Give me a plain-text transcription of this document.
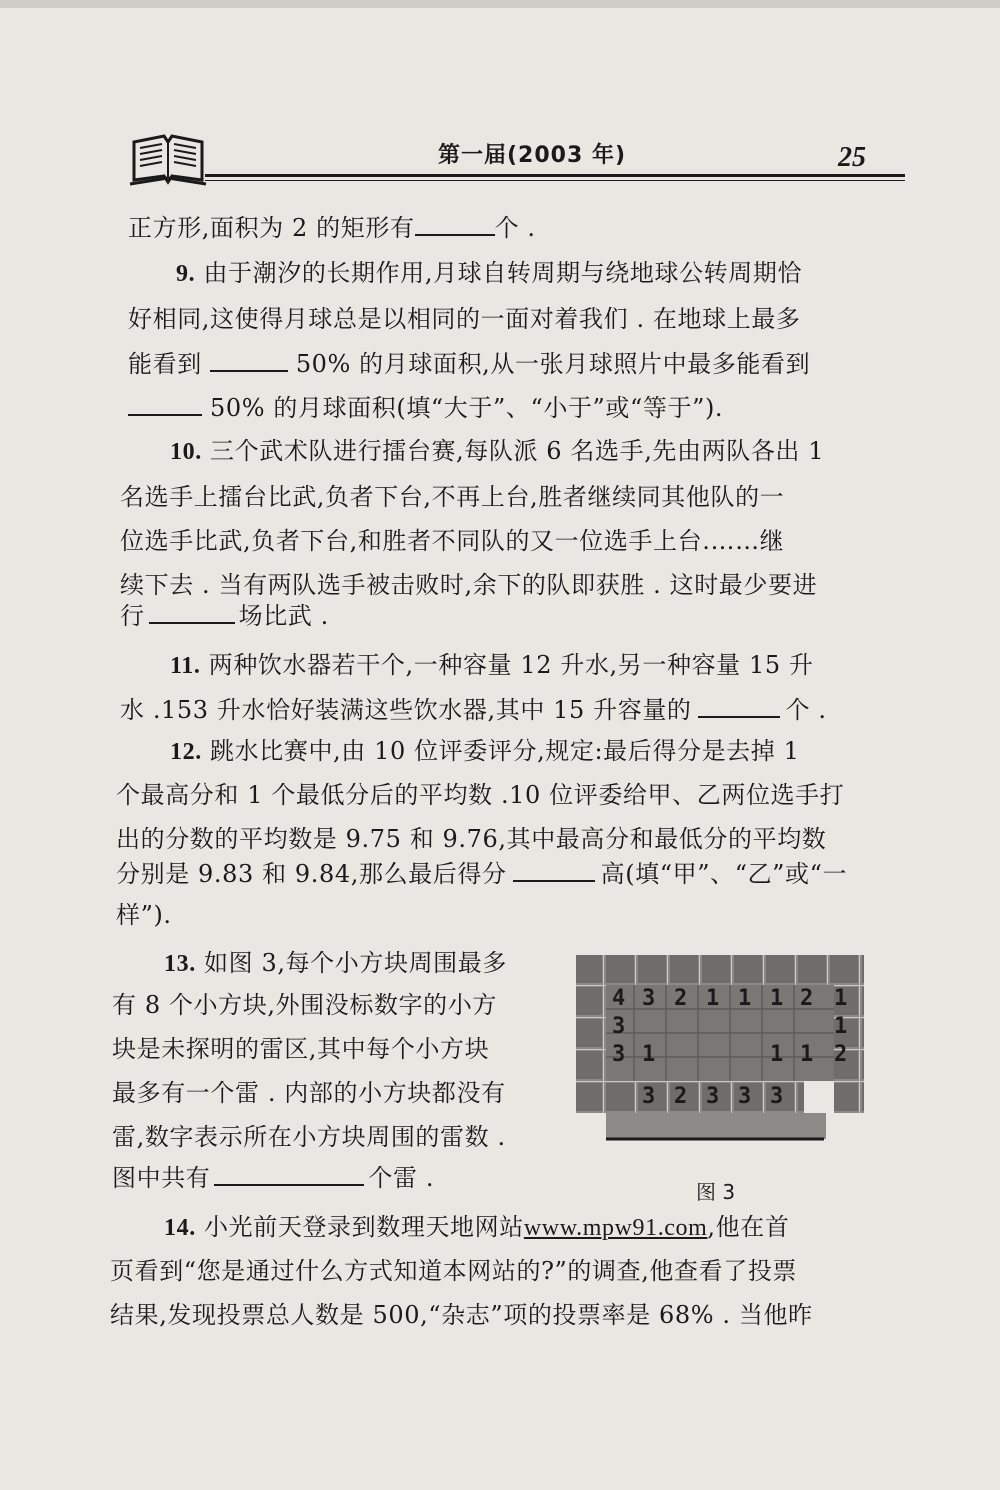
第一届(2003 年)	25
正方形,面积为 2 的矩形有	个 .
9. 由于潮汐的长期作用,月球自转周期与绕地球公转周期恰
好相同,这使得月球总是以相同的一面对着我们 . 在地球上最多
能看到	50% 的月球面积,从一张月球照片中最多能看到
50% 的月球面积(填“大于”、“小于”或“等于”).
10. 三个武术队进行擂台赛,每队派 6 名选手,先由两队各出 1
名选手上擂台比武,负者下台,不再上台,胜者继续同其他队的一
位选手比武,负者下台,和胜者不同队的又一位选手上台.……继
续下去 . 当有两队选手被击败时,余下的队即获胜 . 这时最少要进
行	场比武 .
11. 两种饮水器若干个,一种容量 12 升水,另一种容量 15 升
水 .153 升水恰好装满这些饮水器,其中 15 升容量的	个 .
12. 跳水比赛中,由 10 位评委评分,规定:最后得分是去掉 1
个最高分和 1 个最低分后的平均数 .10 位评委给甲、乙两位选手打
出的分数的平均数是 9.75 和 9.76,其中最高分和最低分的平均数
分别是 9.83 和 9.84,那么最后得分	高(填“甲”、“乙”或“一
样”).
13. 如图 3,每个小方块周围最多
有 8 个小方块,外围没标数字的小方
块是未探明的雷区,其中每个小方块
最多有一个雷 . 内部的小方块都没有
雷,数字表示所在小方块周围的雷数 .
图中共有	个雷 .
4 3 2 1 1 1 2 1
3	1
3 1	1 1 2
3 2 3 3 3
图 3
14. 小光前天登录到数理天地网站www.mpw91.com,他在首
页看到“您是通过什么方式知道本网站的?”的调查,他查看了投票
结果,发现投票总人数是 500,“杂志”项的投票率是 68% . 当他昨
